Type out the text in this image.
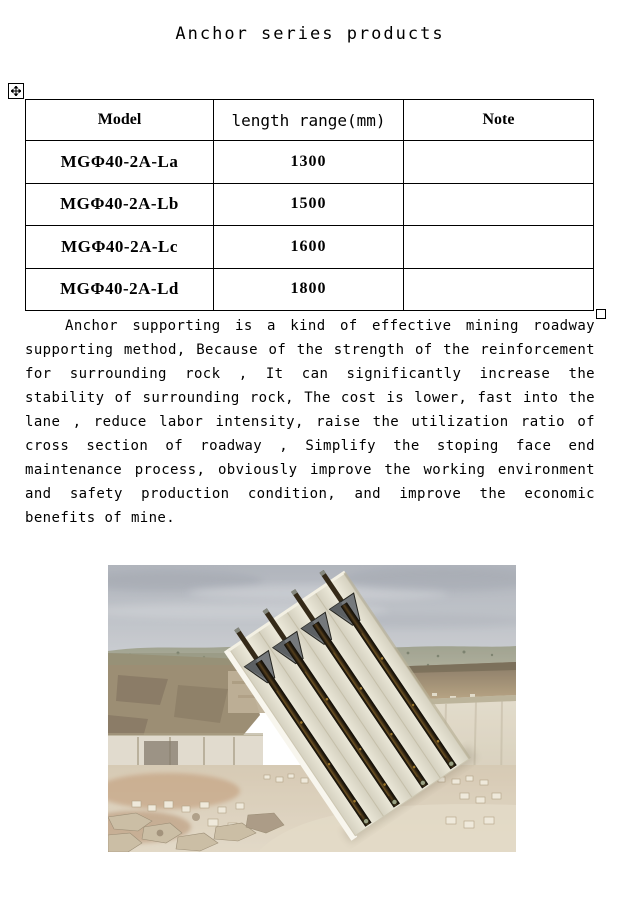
Anchor series products
Model	length range(mm)	Note
MGΦ40-2A-La	1300	
MGΦ40-2A-Lb	1500	
MGΦ40-2A-Lc	1600	
MGΦ40-2A-Ld	1800	

Anchor supporting is a kind of effective mining roadway supporting method, Because of the strength of the reinforcement for surrounding rock , It can significantly increase the stability of surrounding rock, The cost is lower, fast into the lane , reduce labor intensity, raise the utilization ratio of cross section of roadway , Simplify the stoping face end maintenance process, obviously improve the working environment and safety production condition, and improve the economic benefits of mine.
